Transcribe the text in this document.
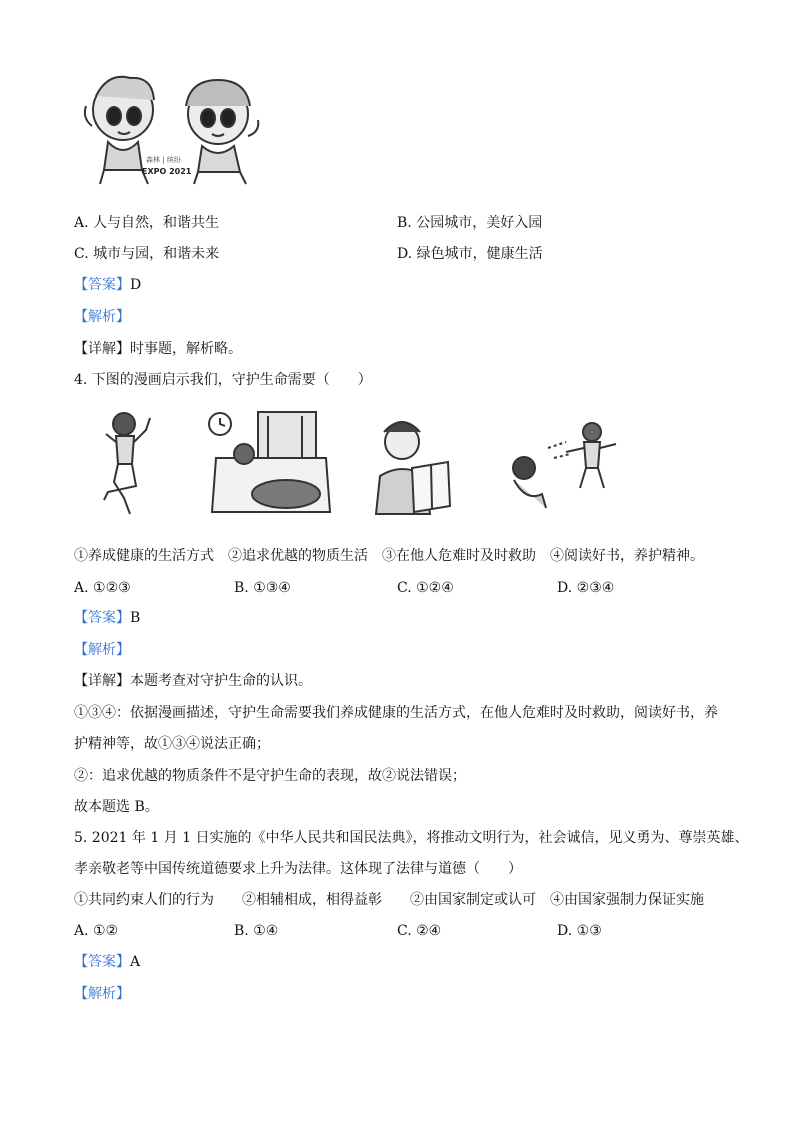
森林 | 缤纷
EXPO 2021
A. 人与自然，和谐共生	B. 公园城市，美好入园
C. 城市与园，和谐未来	D. 绿色城市，健康生活
【答案】D
【解析】
【详解】时事题，解析略。
4. 下图的漫画启示我们，守护生命需要（　　）
①养成健康的生活方式　②追求优越的物质生活　③在他人危难时及时救助　④阅读好书，养护精神。
A. ①②③	B. ①③④	C. ①②④	D. ②③④
【答案】B
【解析】
【详解】本题考查对守护生命的认识。
①③④：依据漫画描述，守护生命需要我们养成健康的生活方式，在他人危难时及时救助，阅读好书，养
护精神等，故①③④说法正确；
②：追求优越的物质条件不是守护生命的表现，故②说法错误；
故本题选 B。
5. 2021 年 1 月 1 日实施的《中华人民共和国民法典》，将推动文明行为，社会诚信，见义勇为、尊崇英雄、
孝亲敬老等中国传统道德要求上升为法律。这体现了法律与道德（　　）
①共同约束人们的行为　　②相辅相成，相得益彰　　②由国家制定或认可　④由国家强制力保证实施
A. ①②	B. ①④	C. ②④	D. ①③
【答案】A
【解析】
